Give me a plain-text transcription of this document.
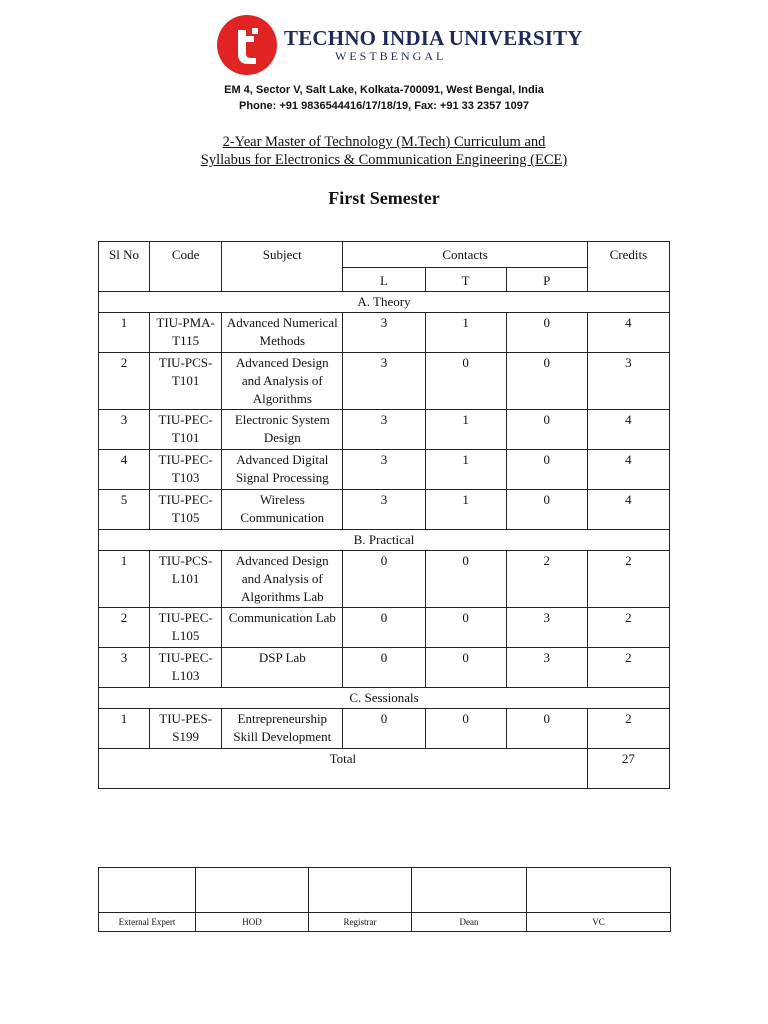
TECHNO INDIA UNIVERSITY
WESTBENGAL
EM 4, Sector V, Salt Lake, Kolkata-700091, West Bengal, India
Phone: +91 9836544416/17/18/19, Fax: +91 33 2357 1097
2-Year Master of Technology (M.Tech) Curriculum and
Syllabus for Electronics & Communication Engineering (ECE)
First Semester
Sl No	Code	Subject	Contacts			Credits
			L	T	P	
A. Theory						
1	TIU-PMA-T115	Advanced Numerical Methods	3	1	0	4
2	TIU-PCS-T101	Advanced Design and Analysis of Algorithms	3	0	0	3
3	TIU-PEC-T101	Electronic System Design	3	1	0	4
4	TIU-PEC-T103	Advanced Digital Signal Processing	3	1	0	4
5	TIU-PEC-T105	Wireless Communication	3	1	0	4
B. Practical						
1	TIU-PCS-L101	Advanced Design and Analysis of Algorithms Lab	0	0	2	2
2	TIU-PEC-L105	Communication Lab	0	0	3	2
3	TIU-PEC-L103	DSP Lab	0	0	3	2
C. Sessionals						
1	TIU-PES-S199	Entrepreneurship Skill Development	0	0	0	2
Total						27

External Expert	HOD	Registrar	Dean	VC
